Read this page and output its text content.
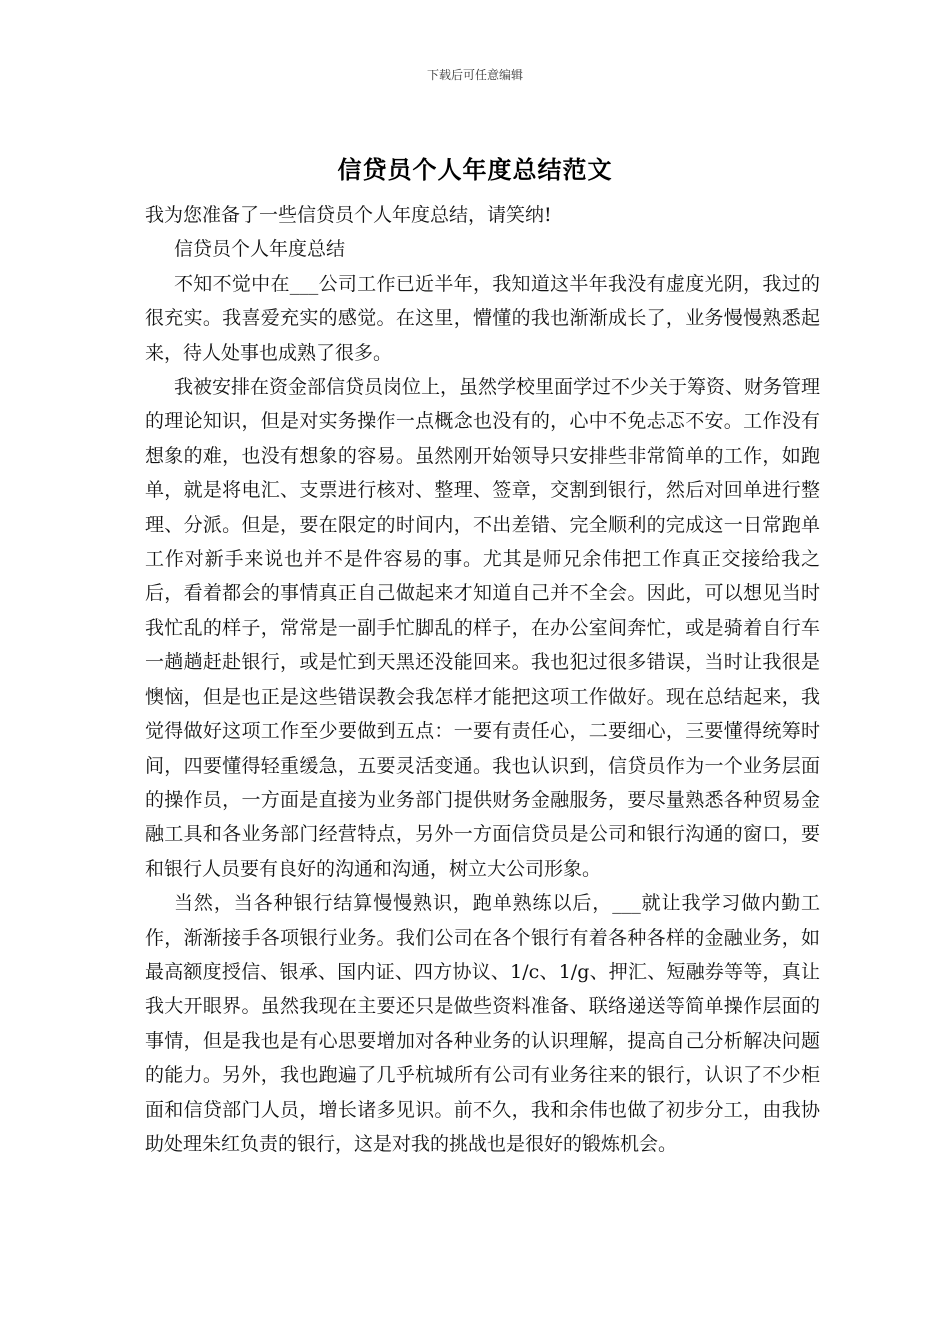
下载后可任意编辑
信贷员个人年度总结范文

我为您准备了一些信贷员个人年度总结，请笑纳!

信贷员个人年度总结

不知不觉中在___公司工作已近半年，我知道这半年我没有虚度光阴，我过的很充实。我喜爱充实的感觉。在这里，懵懂的我也渐渐成长了，业务慢慢熟悉起来，待人处事也成熟了很多。

我被安排在资金部信贷员岗位上，虽然学校里面学过不少关于筹资、财务管理的理论知识，但是对实务操作一点概念也没有的，心中不免忐忑不安。工作没有想象的难，也没有想象的容易。虽然刚开始领导只安排些非常简单的工作，如跑单，就是将电汇、支票进行核对、整理、签章，交割到银行，然后对回单进行整理、分派。但是，要在限定的时间内，不出差错、完全顺利的完成这一日常跑单工作对新手来说也并不是件容易的事。尤其是师兄余伟把工作真正交接给我之后，看着都会的事情真正自己做起来才知道自己并不全会。因此，可以想见当时我忙乱的样子，常常是一副手忙脚乱的样子，在办公室间奔忙，或是骑着自行车一趟趟赶赴银行，或是忙到天黑还没能回来。我也犯过很多错误，当时让我很是懊恼，但是也正是这些错误教会我怎样才能把这项工作做好。现在总结起来，我觉得做好这项工作至少要做到五点：一要有责任心，二要细心，三要懂得统筹时间，四要懂得轻重缓急，五要灵活变通。我也认识到，信贷员作为一个业务层面的操作员，一方面是直接为业务部门提供财务金融服务，要尽量熟悉各种贸易金融工具和各业务部门经营特点，另外一方面信贷员是公司和银行沟通的窗口，要和银行人员要有良好的沟通和沟通，树立大公司形象。

当然，当各种银行结算慢慢熟识，跑单熟练以后，___就让我学习做内勤工作，渐渐接手各项银行业务。我们公司在各个银行有着各种各样的金融业务，如最高额度授信、银承、国内证、四方协议、1/c、1/g、押汇、短融券等等，真让我大开眼界。虽然我现在主要还只是做些资料准备、联络递送等简单操作层面的事情，但是我也是有心思要增加对各种业务的认识理解，提高自己分析解决问题的能力。另外，我也跑遍了几乎杭城所有公司有业务往来的银行，认识了不少柜面和信贷部门人员，增长诸多见识。前不久，我和余伟也做了初步分工，由我协助处理朱红负责的银行，这是对我的挑战也是很好的锻炼机会。
